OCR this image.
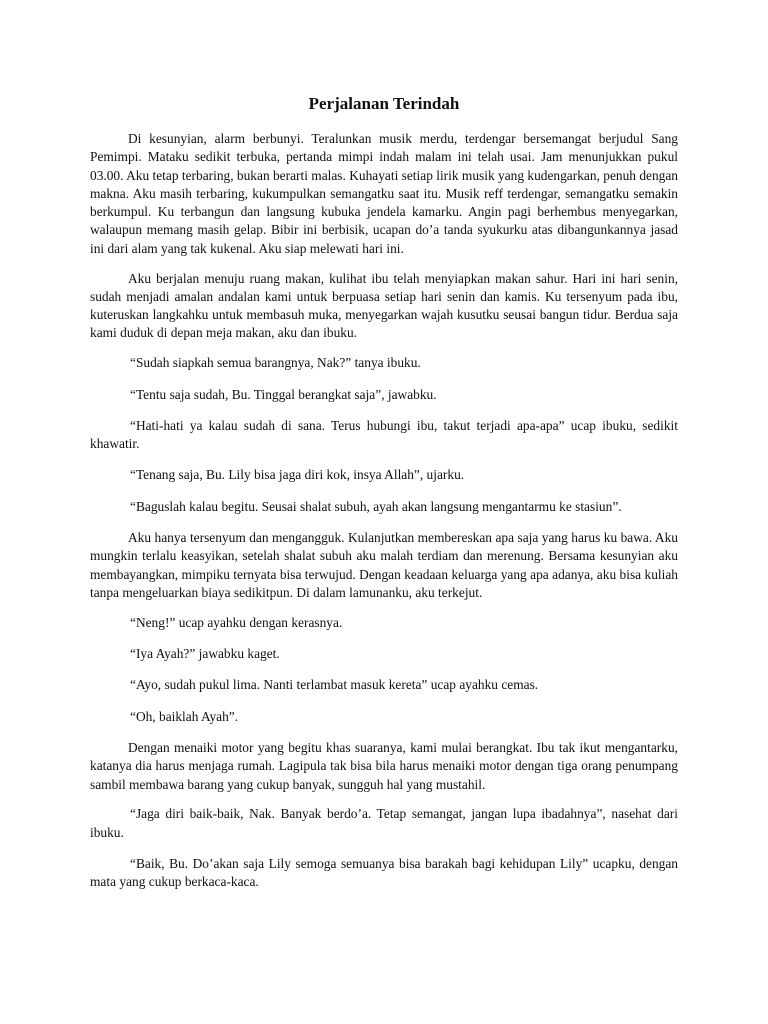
Perjalanan Terindah

Di kesunyian, alarm berbunyi. Teralunkan musik merdu, terdengar bersemangat berjudul Sang Pemimpi. Mataku sedikit terbuka, pertanda mimpi indah malam ini telah usai. Jam menunjukkan pukul 03.00. Aku tetap terbaring, bukan berarti malas. Kuhayati setiap lirik musik yang kudengarkan, penuh dengan makna. Aku masih terbaring, kukumpulkan semangatku saat itu. Musik reff terdengar, semangatku semakin berkumpul. Ku terbangun dan langsung kubuka jendela kamarku. Angin pagi berhembus menyegarkan, walaupun memang masih gelap. Bibir ini berbisik, ucapan do’a tanda syukurku atas dibangunkannya jasad ini dari alam yang tak kukenal. Aku siap melewati hari ini.

Aku berjalan menuju ruang makan, kulihat ibu telah menyiapkan makan sahur. Hari ini hari senin, sudah menjadi amalan andalan kami untuk berpuasa setiap hari senin dan kamis. Ku tersenyum pada ibu, kuteruskan langkahku untuk membasuh muka, menyegarkan wajah kusutku seusai bangun tidur. Berdua saja kami duduk di depan meja makan, aku dan ibuku.

“Sudah siapkah semua barangnya, Nak?” tanya ibuku.

“Tentu saja sudah, Bu. Tinggal berangkat saja”, jawabku.

“Hati-hati ya kalau sudah di sana. Terus hubungi ibu, takut terjadi apa-apa” ucap ibuku, sedikit khawatir.

“Tenang saja, Bu. Lily bisa jaga diri kok, insya Allah”, ujarku.

“Baguslah kalau begitu. Seusai shalat subuh, ayah akan langsung mengantarmu ke stasiun”.

Aku hanya tersenyum dan mengangguk. Kulanjutkan membereskan apa saja yang harus ku bawa. Aku mungkin terlalu keasyikan, setelah shalat subuh aku malah terdiam dan merenung. Bersama kesunyian aku membayangkan, mimpiku ternyata bisa terwujud. Dengan keadaan keluarga yang apa adanya, aku bisa kuliah tanpa mengeluarkan biaya sedikitpun. Di dalam lamunanku, aku terkejut.

“Neng!” ucap ayahku dengan kerasnya.

“Iya Ayah?” jawabku kaget.

“Ayo, sudah pukul lima. Nanti terlambat masuk kereta” ucap ayahku cemas.

“Oh, baiklah Ayah”.

Dengan menaiki motor yang begitu khas suaranya, kami mulai berangkat. Ibu tak ikut mengantarku, katanya dia harus menjaga rumah. Lagipula tak bisa bila harus menaiki motor dengan tiga orang penumpang sambil membawa barang yang cukup banyak, sungguh hal yang mustahil.

“Jaga diri baik-baik, Nak. Banyak berdo’a. Tetap semangat, jangan lupa ibadahnya”, nasehat dari ibuku.

“Baik, Bu. Do’akan saja Lily semoga semuanya bisa barakah bagi kehidupan Lily” ucapku, dengan mata yang cukup berkaca-kaca.
